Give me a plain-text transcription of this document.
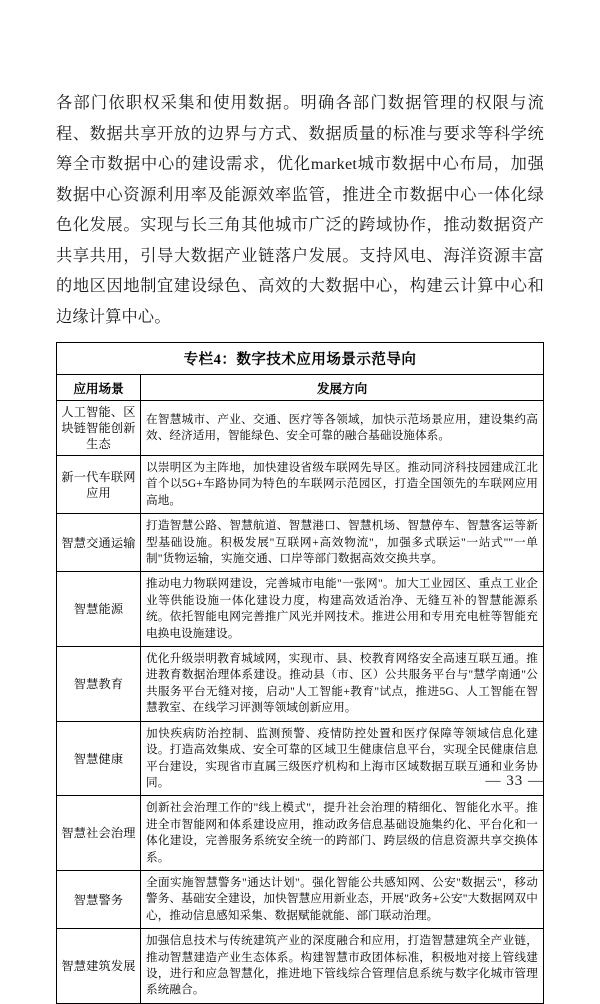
各部门依职权采集和使用数据。明确各部门数据管理的权限与流程、数据共享开放的边界与方式、数据质量的标准与要求等科学统筹全市数据中心的建设需求，优化market城市数据中心布局，加强数据中心资源利用率及能源效率监管，推进全市数据中心一体化绿色化发展。实现与长三角其他城市广泛的跨域协作，推动数据资产共享共用，引导大数据产业链落户发展。支持风电、海洋资源丰富的地区因地制宜建设绿色、高效的大数据中心，构建云计算中心和边缘计算中心。
专栏4：数字技术应用场景示范导向	
应用场景	发展方向
人工智能、区块链智能创新生态	在智慧城市、产业、交通、医疗等各领域，加快示范场景应用，建设集约高效、经济适用，智能绿色、安全可靠的融合基础设施体系。
新一代车联网应用	以崇明区为主阵地，加快建设省级车联网先导区。推动同济科技园建成江北首个以5G+车路协同为特色的车联网示范园区，打造全国领先的车联网应用高地。
智慧交通运输	打造智慧公路、智慧航道、智慧港口、智慧机场、智慧停车、智慧客运等新型基础设施。积极发展"互联网+高效物流"，加强多式联运"一站式""一单制"货物运输，实施交通、口岸等部门数据高效交换共享。
智慧能源	推动电力物联网建设，完善城市电能"一张网"。加大工业园区、重点工业企业等供能设施一体化建设力度，构建高效适治净、无缝互补的智慧能源系统。依托智能电网完善推广风光并网技术。推进公用和专用充电桩等智能充电换电设施建设。
智慧教育	优化升级崇明教育城域网，实现市、县、校教育网络安全高速互联互通。推进教育数据治理体系建设。推动县（市、区）公共服务平台与"慧学南通"公共服务平台无缝对接，启动"人工智能+教育"试点，推进5G、人工智能在智慧教室、在线学习评测等领域创新应用。
智慧健康	加快疾病防治控制、监测预警、疫情防控处置和医疗保障等领域信息化建设。打造高效集成、安全可靠的区域卫生健康信息平台，实现全民健康信息平台建设，实现省市直属三级医疗机构和上海市区域数据互联互通和业务协同。
智慧社会治理	创新社会治理工作的"线上模式"，提升社会治理的精细化、智能化水平。推进全市智能网和体系建设应用，推动政务信息基础设施集约化、平台化和一体化建设，完善服务系统安全统一的跨部门、跨层级的信息资源共享交换体系。
智慧警务	全面实施智慧警务"通达计划"。强化智能公共感知网、公安"数据云"，移动警务、基础安全建设，加快智慧应用新业态，开展"政务+公安"大数据网双中心，推动信息感知采集、数据赋能就能、部门联动治理。
智慧建筑发展	加强信息技术与传统建筑产业的深度融合和应用，打造智慧建筑全产业链，推动智慧建造产业生态体系。构建智慧市政团体标准，积极地对接上管线建设，进行和应急智慧化，推进地下管线综合管理信息系统与数字化城市管理系统融合。
— 33 —
